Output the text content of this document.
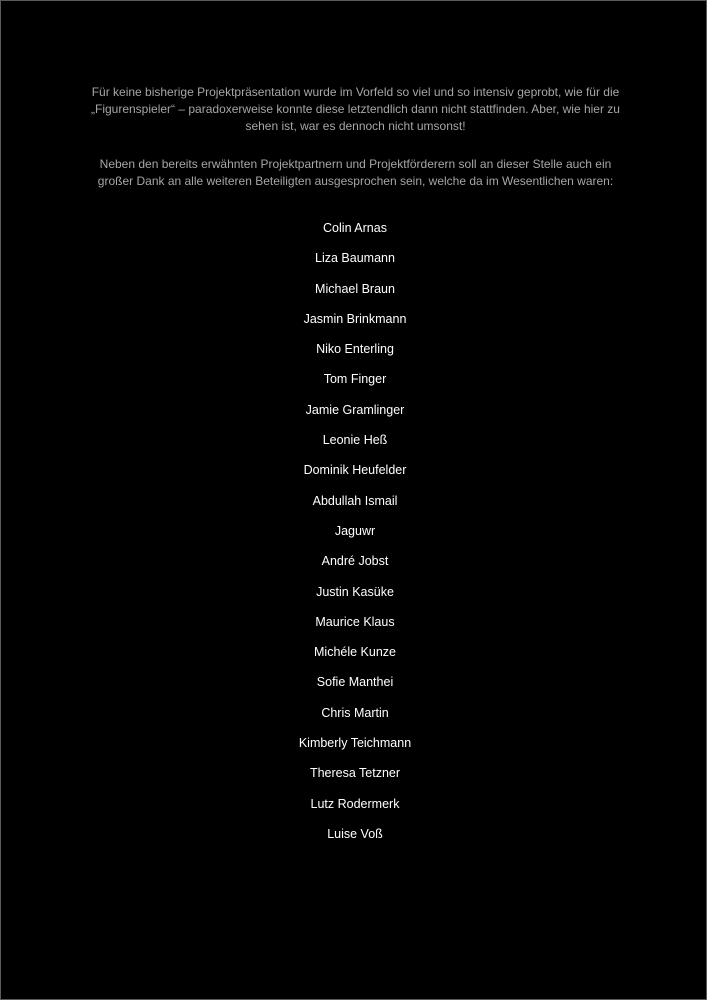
Für keine bisherige Projektpräsentation wurde im Vorfeld so viel und so intensiv geprobt, wie für die „Figurenspieler“ – paradoxerweise konnte diese letztendlich dann nicht stattfinden. Aber, wie hier zu sehen ist, war es dennoch nicht umsonst!

Neben den bereits erwähnten Projektpartnern und Projektförderern soll an dieser Stelle auch ein großer Dank an alle weiteren Beteiligten ausgesprochen sein, welche da im Wesentlichen waren:

Colin Arnas
Liza Baumann
Michael Braun
Jasmin Brinkmann
Niko Enterling
Tom Finger
Jamie Gramlinger
Leonie Heß
Dominik Heufelder
Abdullah Ismail
Jaguwr
André Jobst
Justin Kasüke
Maurice Klaus
Michéle Kunze
Sofie Manthei
Chris Martin
Kimberly Teichmann
Theresa Tetzner
Lutz Rodermerk
Luise Voß
